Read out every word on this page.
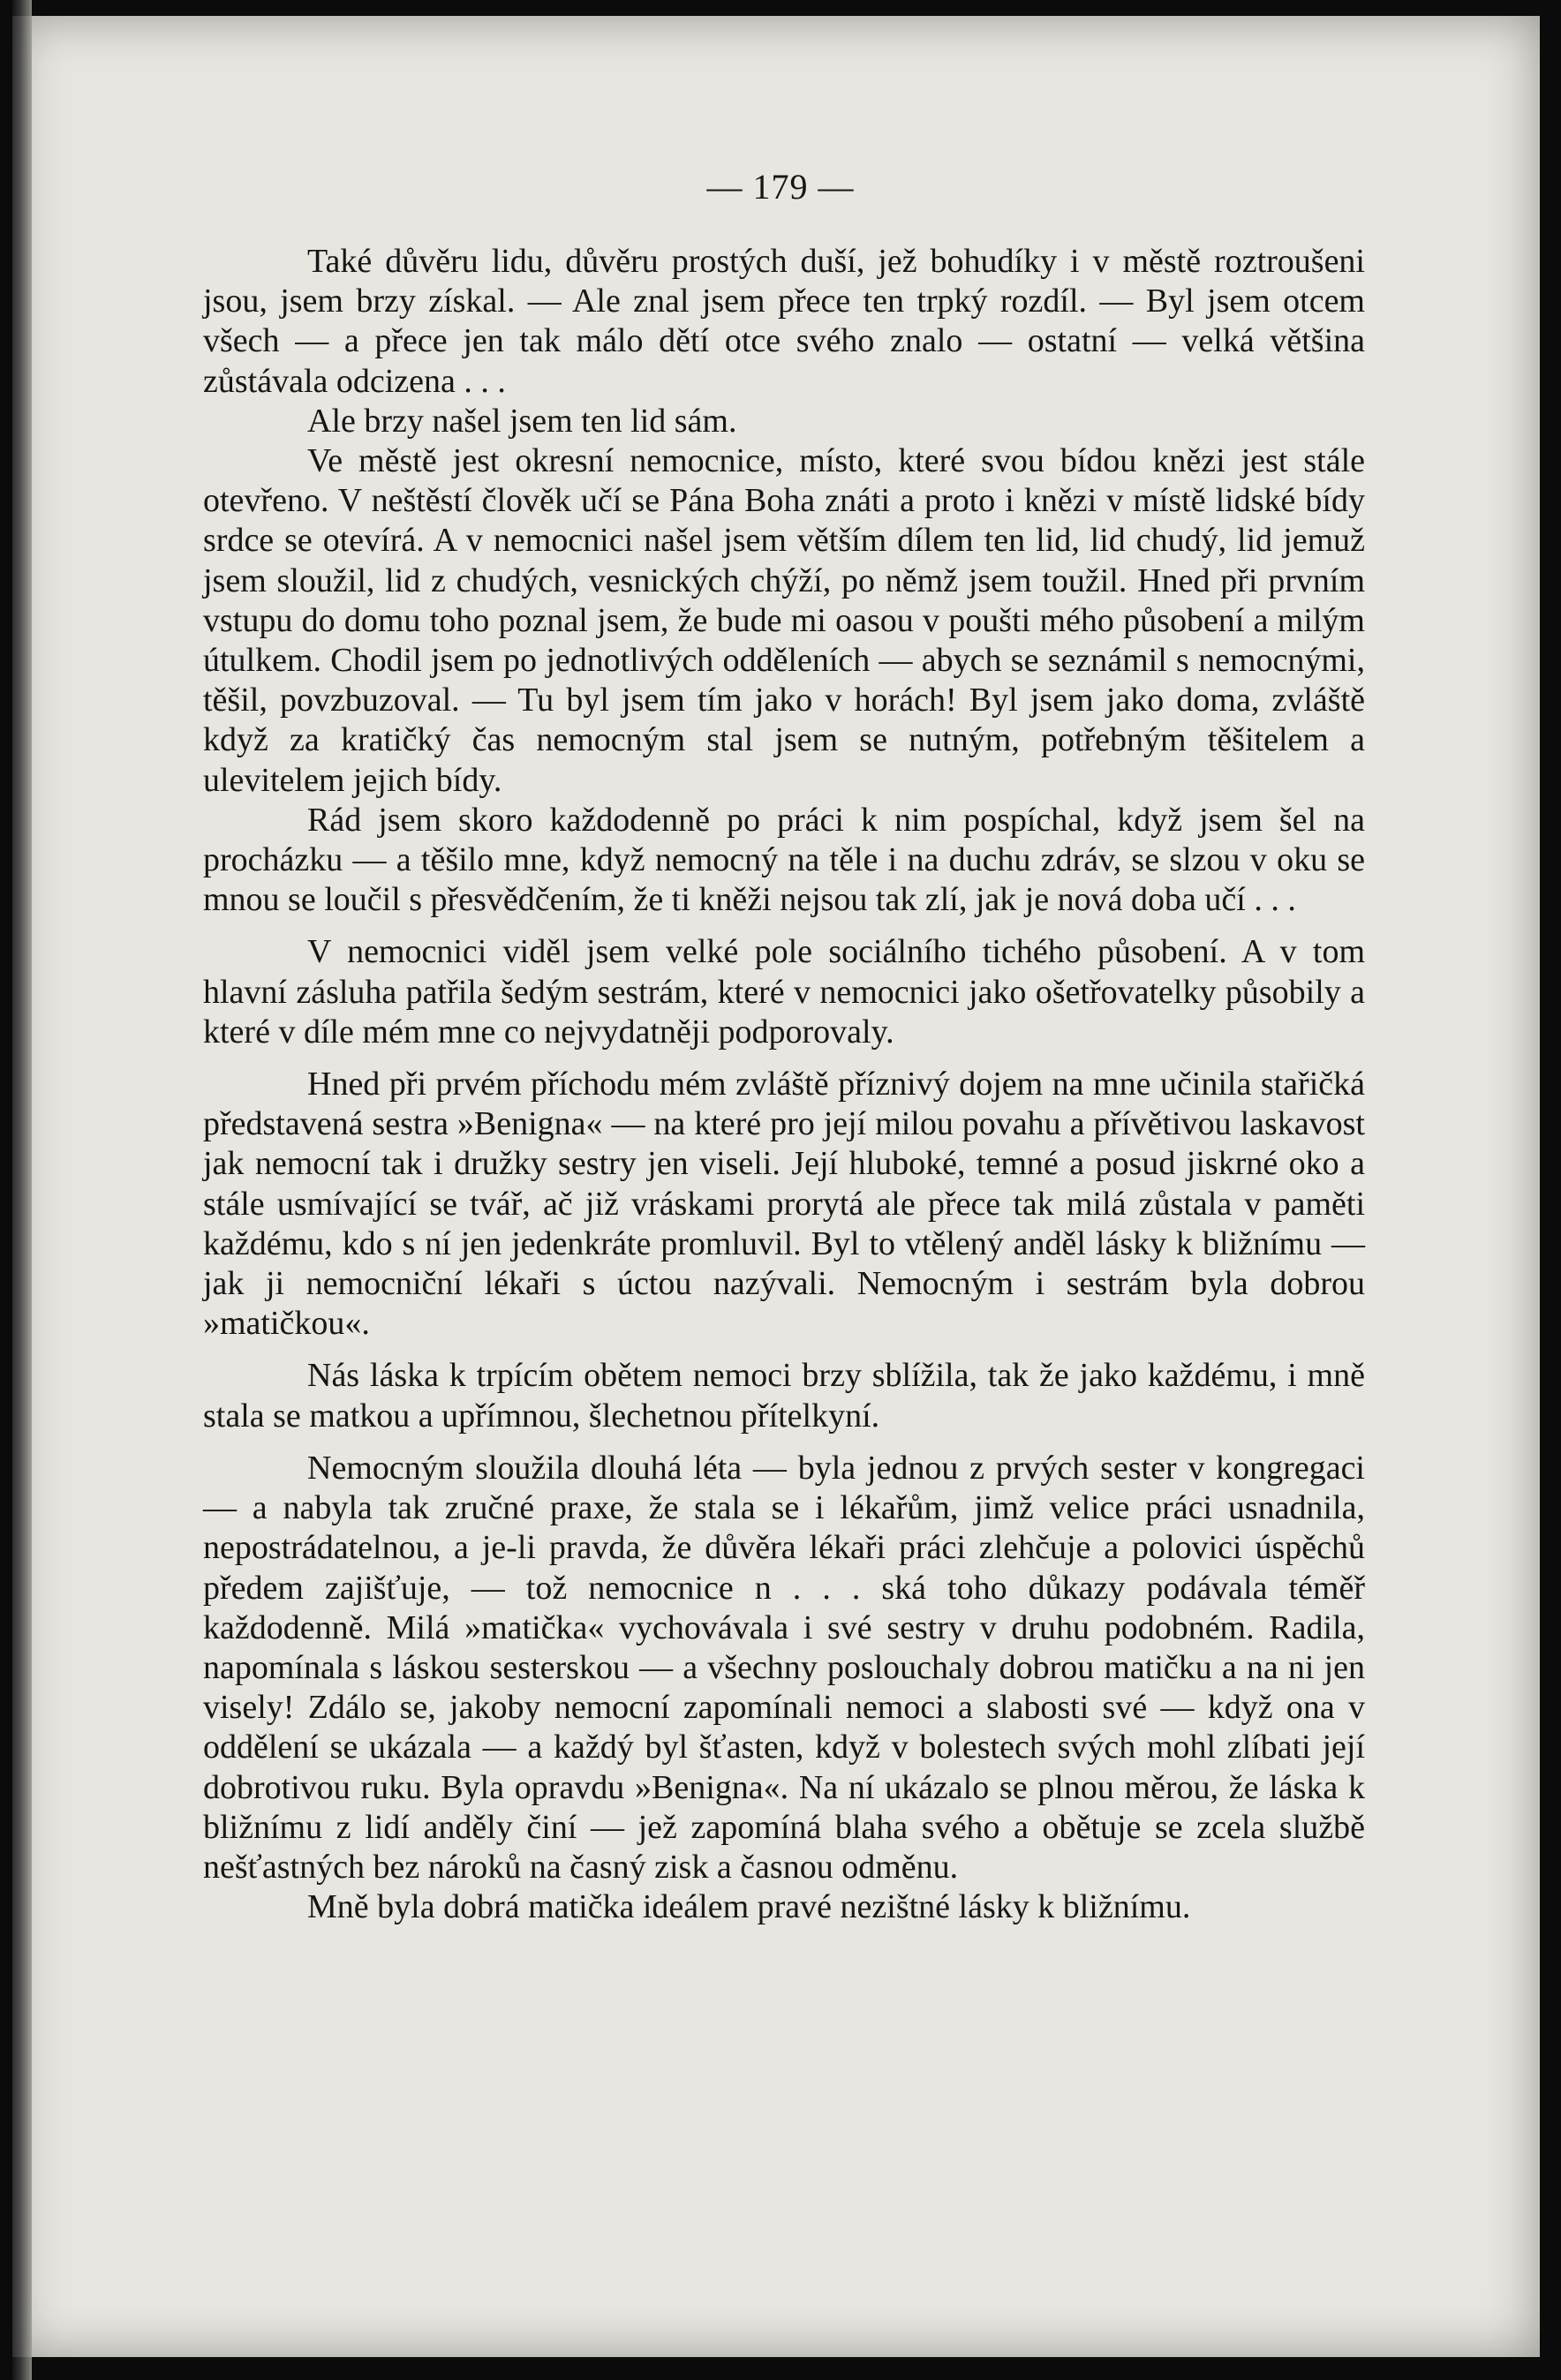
— 179 —

Také důvěru lidu, důvěru prostých duší, jež bohudíky i v městě roztroušeni jsou, jsem brzy získal. — Ale znal jsem přece ten trpký rozdíl. — Byl jsem otcem všech — a přece jen tak málo dětí otce svého znalo — ostatní — velká většina zůstávala odcizena . . .

Ale brzy našel jsem ten lid sám.

Ve městě jest okresní nemocnice, místo, které svou bídou knězi jest stále otevřeno. V neštěstí člověk učí se Pána Boha znáti a proto i knězi v místě lidské bídy srdce se otevírá. A v nemocnici našel jsem větším dílem ten lid, lid chudý, lid jemuž jsem sloužil, lid z chudých, vesnických chýží, po němž jsem toužil. Hned při prvním vstupu do domu toho poznal jsem, že bude mi oasou v poušti mého působení a milým útulkem. Chodil jsem po jednotlivých odděleních — abych se seznámil s nemocnými, těšil, povzbuzoval. — Tu byl jsem tím jako v horách! Byl jsem jako doma, zvláště když za kratičký čas nemocným stal jsem se nutným, potřebným těšitelem a ulevitelem jejich bídy.

Rád jsem skoro každodenně po práci k nim pospíchal, když jsem šel na procházku — a těšilo mne, když nemocný na těle i na duchu zdráv, se slzou v oku se mnou se loučil s přesvědčením, že ti kněži nejsou tak zlí, jak je nová doba učí . . .

V nemocnici viděl jsem velké pole sociálního tichého působení. A v tom hlavní zásluha patřila šedým sestrám, které v nemocnici jako ošetřovatelky působily a které v díle mém mne co nejvydatněji podporovaly.

Hned při prvém příchodu mém zvláště příznivý dojem na mne učinila stařičká představená sestra »Benigna« — na které pro její milou povahu a přívětivou laskavost jak nemocní tak i družky sestry jen viseli. Její hluboké, temné a posud jiskrné oko a stále usmívající se tvář, ač již vráskami prorytá ale přece tak milá zůstala v paměti každému, kdo s ní jen jedenkráte promluvil. Byl to vtělený anděl lásky k bližnímu — jak ji nemocniční lékaři s úctou nazývali. Nemocným i sestrám byla dobrou »matičkou«.

Nás láska k trpícím obětem nemoci brzy sblížila, tak že jako každému, i mně stala se matkou a upřímnou, šlechetnou přítelkyní.

Nemocným sloužila dlouhá léta — byla jednou z prvých sester v kongregaci — a nabyla tak zručné praxe, že stala se i lékařům, jimž velice práci usnadnila, nepostrádatelnou, a je-li pravda, že důvěra lékaři práci zlehčuje a polovici úspěchů předem zajišťuje, — tož nemocnice n . . . ská toho důkazy podávala téměř každodenně. Milá »matička« vychovávala i své sestry v druhu podobném. Radila, napomínala s láskou sesterskou — a všechny poslouchaly dobrou matičku a na ni jen visely! Zdálo se, jakoby nemocní zapomínali nemoci a slabosti své — když ona v oddělení se ukázala — a každý byl šťasten, když v bolestech svých mohl zlíbati její dobrotivou ruku. Byla opravdu »Benigna«. Na ní ukázalo se plnou měrou, že láska k bližnímu z lidí anděly činí — jež zapomíná blaha svého a obětuje se zcela službě nešťastných bez nároků na časný zisk a časnou odměnu.

Mně byla dobrá matička ideálem pravé nezištné lásky k bližnímu.
